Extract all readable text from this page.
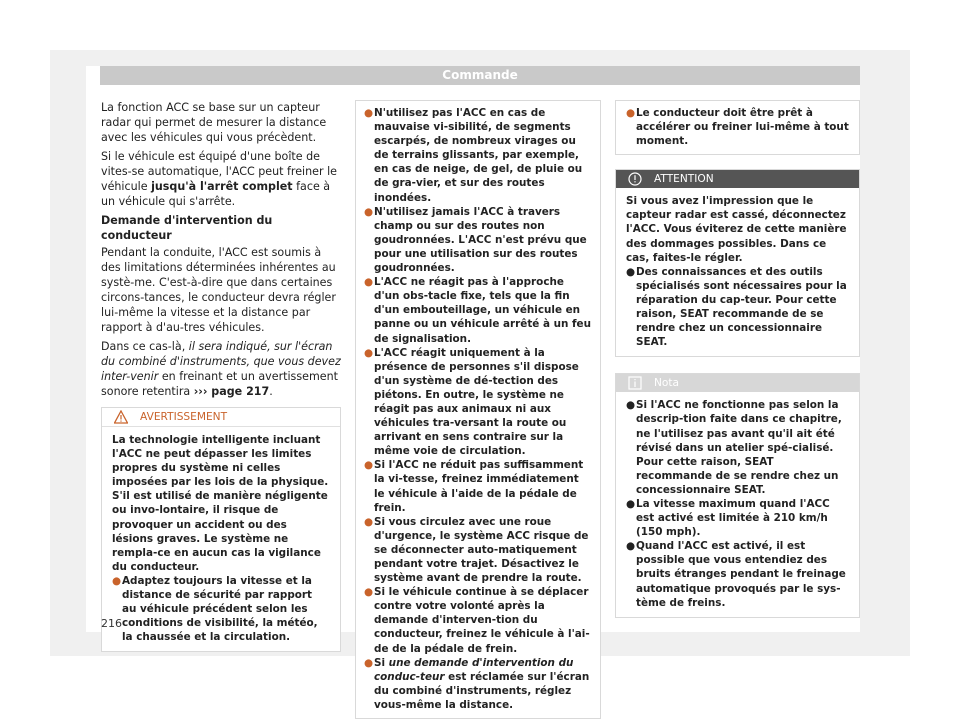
Commande

La fonction ACC se base sur un capteur radar qui permet de mesurer la distance avec les véhicules qui vous précèdent.

Si le véhicule est équipé d'une boîte de vites-se automatique, l'ACC peut freiner le véhicule jusqu'à l'arrêt complet face à un véhicule qui s'arrête.

Demande d'intervention du conducteur

Pendant la conduite, l'ACC est soumis à des limitations déterminées inhérentes au systè-me. C'est-à-dire que dans certaines circons-tances, le conducteur devra régler lui-même la vitesse et la distance par rapport à d'au-tres véhicules.

Dans ce cas-là, il sera indiqué, sur l'écran du combiné d'instruments, que vous devez inter-venir en freinant et un avertissement sonore retentira ››› page 217.

AVERTISSEMENT

La technologie intelligente incluant l'ACC ne peut dépasser les limites propres du système ni celles imposées par les lois de la physique. S'il est utilisé de manière négligente ou invo-lontaire, il risque de provoquer un accident ou des lésions graves. Le système ne rempla-ce en aucun cas la vigilance du conducteur.

● Adaptez toujours la vitesse et la distance de sécurité par rapport au véhicule précédent selon les conditions de visibilité, la météo, la chaussée et la circulation.

● N'utilisez pas l'ACC en cas de mauvaise vi-sibilité, de segments escarpés, de nombreux virages ou de terrains glissants, par exemple, en cas de neige, de gel, de pluie ou de gra-vier, et sur des routes inondées.

● N'utilisez jamais l'ACC à travers champ ou sur des routes non goudronnées. L'ACC n'est prévu que pour une utilisation sur des routes goudronnées.

● L'ACC ne réagit pas à l'approche d'un obs-tacle fixe, tels que la fin d'un embouteillage, un véhicule en panne ou un véhicule arrêté à un feu de signalisation.

● L'ACC réagit uniquement à la présence de personnes s'il dispose d'un système de dé-tection des piétons. En outre, le système ne réagit pas aux animaux ni aux véhicules tra-versant la route ou arrivant en sens contraire sur la même voie de circulation.

● Si l'ACC ne réduit pas suffisamment la vi-tesse, freinez immédiatement le véhicule à l'aide de la pédale de frein.

● Si vous circulez avec une roue d'urgence, le système ACC risque de se déconnecter auto-matiquement pendant votre trajet. Désactivez le système avant de prendre la route.

● Si le véhicule continue à se déplacer contre votre volonté après la demande d'interven-tion du conducteur, freinez le véhicule à l'ai-de de la pédale de frein.

● Si une demande d'intervention du conduc-teur est réclamée sur l'écran du combiné d'instruments, réglez vous-même la distance.

● Le conducteur doit être prêt à accélérer ou freiner lui-même à tout moment.

ATTENTION

Si vous avez l'impression que le capteur radar est cassé, déconnectez l'ACC. Vous éviterez de cette manière des dommages possibles. Dans ce cas, faites-le régler.

● Des connaissances et des outils spécialisés sont nécessaires pour la réparation du cap-teur. Pour cette raison, SEAT recommande de se rendre chez un concessionnaire SEAT.

Nota

● Si l'ACC ne fonctionne pas selon la descrip-tion faite dans ce chapitre, ne l'utilisez pas avant qu'il ait été révisé dans un atelier spé-cialisé. Pour cette raison, SEAT recommande de se rendre chez un concessionnaire SEAT.

● La vitesse maximum quand l'ACC est activé est limitée à 210 km/h (150 mph).

● Quand l'ACC est activé, il est possible que vous entendiez des bruits étranges pendant le freinage automatique provoqués par le sys-tème de freins.

216
